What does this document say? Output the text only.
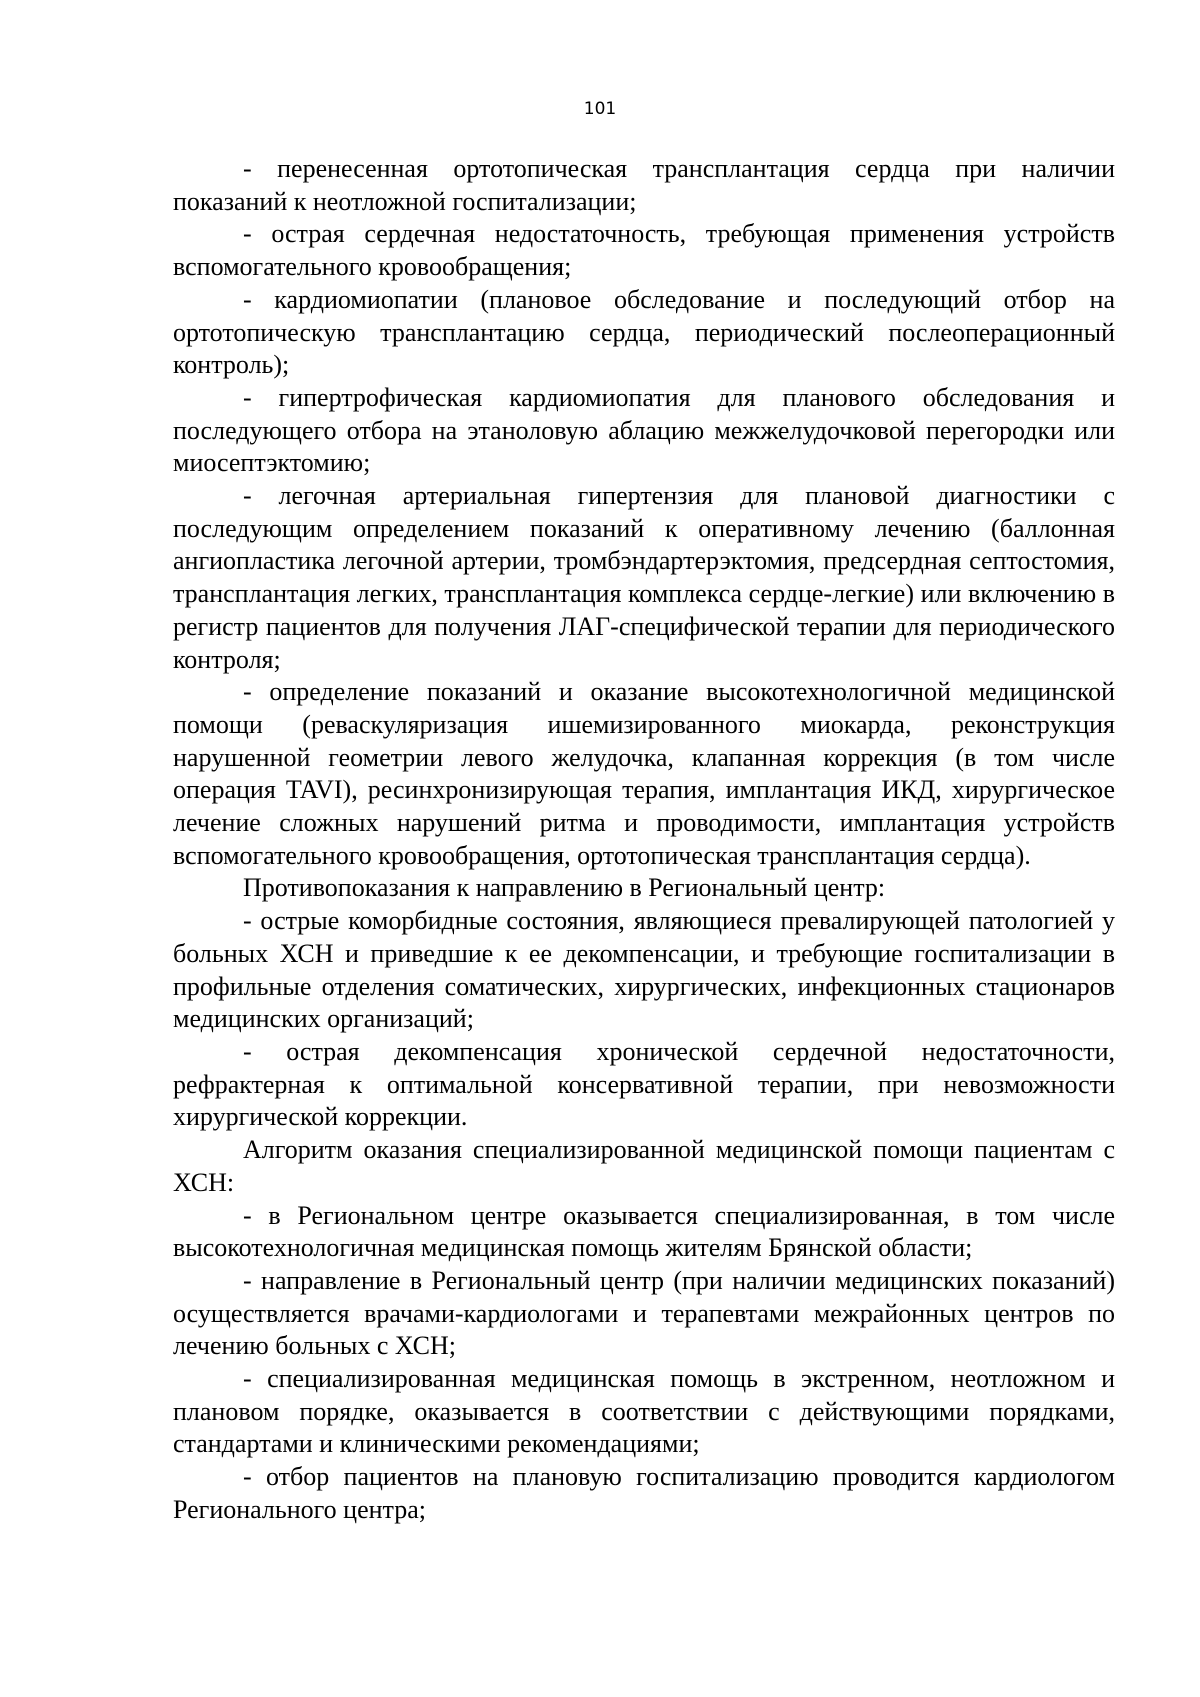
101

- перенесенная ортотопическая трансплантация сердца при наличии показаний к неотложной госпитализации;

- острая сердечная недостаточность, требующая применения устройств вспомогательного кровообращения;

- кардиомиопатии (плановое обследование и последующий отбор на ортотопическую трансплантацию сердца, периодический послеоперационный контроль);

- гипертрофическая кардиомиопатия для планового обследования и последующего отбора на этаноловую аблацию межжелудочковой перегородки или миосептэктомию;

- легочная артериальная гипертензия для плановой диагностики с последующим определением показаний к оперативному лечению (баллонная ангиопластика легочной артерии, тромбэндартерэктомия, предсердная септостомия, трансплантация легких, трансплантация комплекса сердце-легкие) или включению в регистр пациентов для получения ЛАГ-специфической терапии для периодического контроля;

- определение показаний и оказание высокотехнологичной медицинской помощи (реваскуляризация ишемизированного миокарда, реконструкция нарушенной геометрии левого желудочка, клапанная коррекция (в том числе операция TAVI), ресинхронизирующая терапия, имплантация ИКД, хирургическое лечение сложных нарушений ритма и проводимости, имплантация устройств вспомогательного кровообращения, ортотопическая трансплантация сердца).

Противопоказания к направлению в Региональный центр:

- острые коморбидные состояния, являющиеся превалирующей патологией у больных ХСН и приведшие к ее декомпенсации, и требующие госпитализации в профильные отделения соматических, хирургических, инфекционных стационаров медицинских организаций;

- острая декомпенсация хронической сердечной недостаточности, рефрактерная к оптимальной консервативной терапии, при невозможности хирургической коррекции.

Алгоритм оказания специализированной медицинской помощи пациентам с ХСН:

- в Региональном центре оказывается специализированная, в том числе высокотехнологичная медицинская помощь жителям Брянской области;

- направление в Региональный центр (при наличии медицинских показаний) осуществляется врачами-кардиологами и терапевтами межрайонных центров по лечению больных с ХСН;

- специализированная медицинская помощь в экстренном, неотложном и плановом порядке, оказывается в соответствии с действующими порядками, стандартами и клиническими рекомендациями;

- отбор пациентов на плановую госпитализацию проводится кардиологом Регионального центра;
